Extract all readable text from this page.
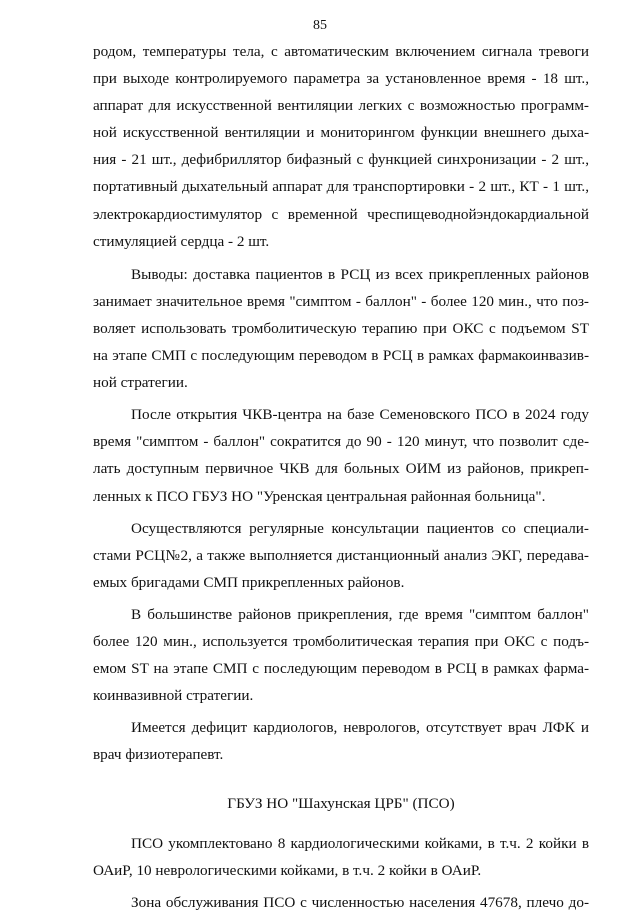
85
родом, температуры тела, с автоматическим включением сигнала тревоги
при выходе контролируемого параметра за установленное время - 18 шт.,
аппарат для искусственной вентиляции легких с возможностью программ-
ной искусственной вентиляции и мониторингом функции внешнего дыха-
ния - 21 шт., дефибриллятор бифазный с функцией синхронизации - 2 шт.,
портативный дыхательный аппарат для транспортировки - 2 шт., КТ - 1 шт.,
электрокардиостимулятор с временной чреспищеводнойэндокардиальной
стимуляцией сердца - 2 шт.
Выводы: доставка пациентов в РСЦ из всех прикрепленных районов
занимает значительное время "симптом - баллон" - более 120 мин., что поз-
воляет использовать тромболитическую терапию при ОКС с подъемом ST
на этапе СМП с последующим переводом в РСЦ в рамках фармакоинвазив-
ной стратегии.
После открытия ЧКВ-центра на базе Семеновского ПСО в 2024 году
время "симптом - баллон" сократится до 90 - 120 минут, что позволит сде-
лать доступным первичное ЧКВ для больных ОИМ из районов, прикреп-
ленных к ПСО ГБУЗ НО "Уренская центральная районная больница".
Осуществляются регулярные консультации пациентов со специали-
стами РСЦ№2, а также выполняется дистанционный анализ ЭКГ, передава-
емых бригадами СМП прикрепленных районов.
В большинстве районов прикрепления, где время "симптом баллон"
более 120 мин., используется тромболитическая терапия при ОКС с подъ-
емом ST на этапе СМП с последующим переводом в РСЦ в рамках фарма-
коинвазивной стратегии.
Имеется дефицит кардиологов, неврологов, отсутствует врач ЛФК и
врач физиотерапевт.
ГБУЗ НО "Шахунская ЦРБ" (ПСО)
ПСО укомплектовано 8 кардиологическими койками, в т.ч. 2 койки в
ОАиР, 10 неврологическими койками, в т.ч. 2 койки в ОАиР.
Зона обслуживания ПСО с численностью населения 47678, плечо до-
